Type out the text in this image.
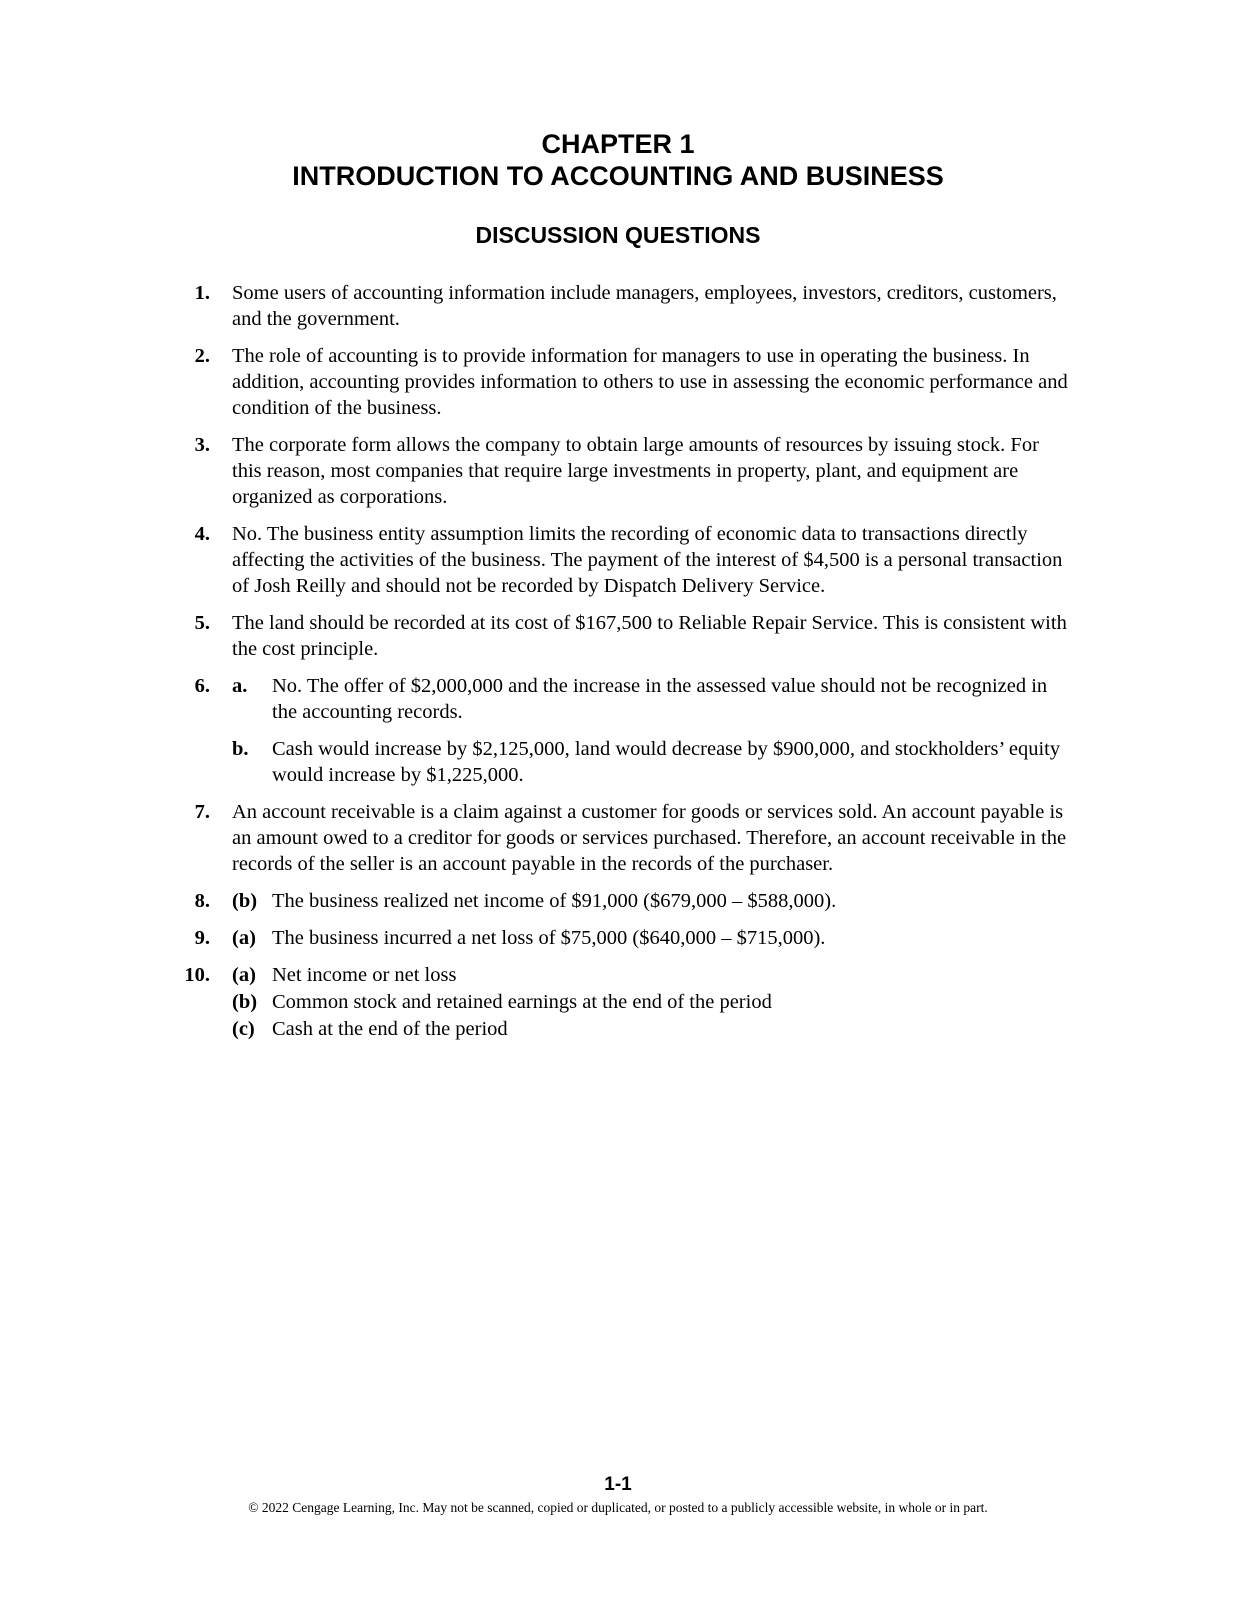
CHAPTER 1
INTRODUCTION TO ACCOUNTING AND BUSINESS
DISCUSSION QUESTIONS
1. Some users of accounting information include managers, employees, investors, creditors, customers, and the government.
2. The role of accounting is to provide information for managers to use in operating the business. In addition, accounting provides information to others to use in assessing the economic performance and condition of the business.
3. The corporate form allows the company to obtain large amounts of resources by issuing stock. For this reason, most companies that require large investments in property, plant, and equipment are organized as corporations.
4. No. The business entity assumption limits the recording of economic data to transactions directly affecting the activities of the business. The payment of the interest of $4,500 is a personal transaction of Josh Reilly and should not be recorded by Dispatch Delivery Service.
5. The land should be recorded at its cost of $167,500 to Reliable Repair Service. This is consistent with the cost principle.
6. a. No. The offer of $2,000,000 and the increase in the assessed value should not be recognized in the accounting records.
b. Cash would increase by $2,125,000, land would decrease by $900,000, and stockholders’ equity would increase by $1,225,000.
7. An account receivable is a claim against a customer for goods or services sold. An account payable is an amount owed to a creditor for goods or services purchased. Therefore, an account receivable in the records of the seller is an account payable in the records of the purchaser.
8. (b) The business realized net income of $91,000 ($679,000 – $588,000).
9. (a) The business incurred a net loss of $75,000 ($640,000 – $715,000).
10. (a) Net income or net loss
(b) Common stock and retained earnings at the end of the period
(c) Cash at the end of the period
1-1
© 2022 Cengage Learning, Inc. May not be scanned, copied or duplicated, or posted to a publicly accessible website, in whole or in part.
